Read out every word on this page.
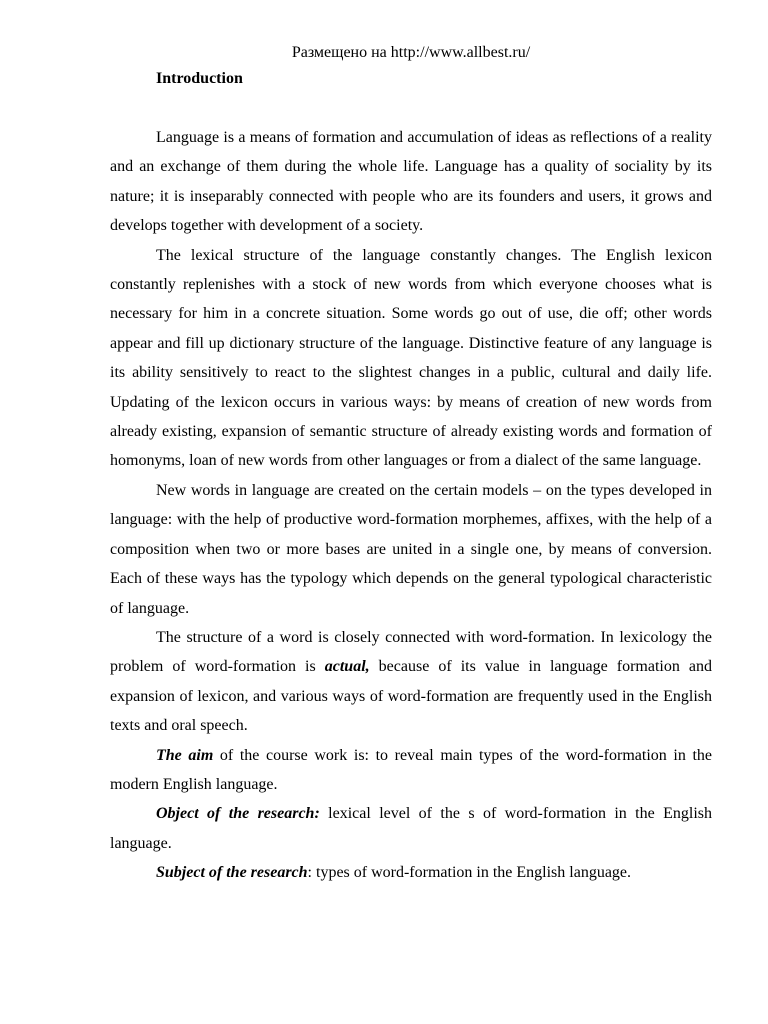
Размещено на http://www.allbest.ru/
Introduction

Language is a means of formation and accumulation of ideas as reflections of a reality and an exchange of them during the whole life. Language has a quality of sociality by its nature; it is inseparably connected with people who are its founders and users, it grows and develops together with development of a society.

The lexical structure of the language constantly changes. The English lexicon constantly replenishes with a stock of new words from which everyone chooses what is necessary for him in a concrete situation. Some words go out of use, die off; other words appear and fill up dictionary structure of the language. Distinctive feature of any language is its ability sensitively to react to the slightest changes in a public, cultural and daily life. Updating of the lexicon occurs in various ways: by means of creation of new words from already existing, expansion of semantic structure of already existing words and formation of homonyms, loan of new words from other languages or from a dialect of the same language.

New words in language are created on the certain models – on the types developed in language: with the help of productive word-formation morphemes, affixes, with the help of a composition when two or more bases are united in a single one, by means of conversion. Each of these ways has the typology which depends on the general typological characteristic of language.

The structure of a word is closely connected with word-formation. In lexicology the problem of word-formation is actual, because of its value in language formation and expansion of lexicon, and various ways of word-formation are frequently used in the English texts and oral speech.

The aim of the course work is: to reveal main types of the word-formation in the modern English language.

Object of the research: lexical level of the s of word-formation in the English language.

Subject of the research: types of word-formation in the English language.
